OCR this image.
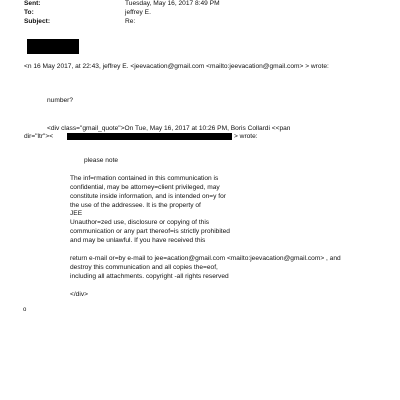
Sent:	Tuesday, May 16, 2017 8:49 PM
To:	jeffrey E.
Subject:	Re:
<n 16 May 2017, at 22:43, jeffrey E. <jeevacation@gmail.com <mailto:jeevacation@gmail.com> > wrote:
number?
<div class="gmail_quote">On Tue, May 16, 2017 at 10:26 PM, Boris Collardi <<pan
dir="ltr"><	> wrote:
please note
The inf=rmation contained in this communication is
confidential, may be attorney=client privileged, may
constitute inside information, and is intended on=y for
the use of the addressee. It is the property of
JEE
Unauthor=zed use, disclosure or copying of this
communication or any part thereof=is strictly prohibited
and may be unlawful. If you have received this
return e-mail or=by e-mail to jee=acation@gmail.com <mailto:jeevacation@gmail.com> , and
destroy this communication and all copies the=eof,
including all attachments. copyright -all rights reserved
</div>
o
